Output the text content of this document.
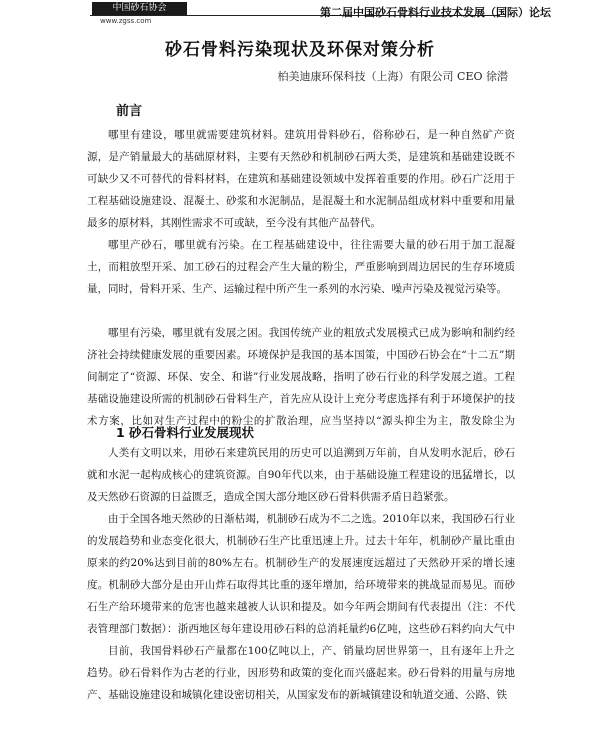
中国砂石协会
www.zgss.com
第二届中国砂石骨料行业技术发展（国际）论坛
砂石骨料污染现状及环保对策分析
柏美迪康环保科技（上海）有限公司 CEO 徐潜
前言

哪里有建设，哪里就需要建筑材料。建筑用骨料砂石，俗称砂石，是一种自然矿产资源，是产销量最大的基础原材料，主要有天然砂和机制砂石两大类，是建筑和基础建设既不可缺少又不可替代的骨料材料，在建筑和基础建设领域中发挥着重要的作用。砂石广泛用于工程基础设施建设、混凝土、砂浆和水泥制品，是混凝土和水泥制品组成材料中重要和用量最多的原材料，其刚性需求不可或缺，至今没有其他产品替代。

哪里产砂石，哪里就有污染。在工程基础建设中，往往需要大量的砂石用于加工混凝土，而粗放型开采、加工砂石的过程会产生大量的粉尘，严重影响到周边居民的生存环境质量，同时，骨料开采、生产、运输过程中所产生一系列的水污染、噪声污染及视觉污染等。

哪里有污染，哪里就有发展之困。我国传统产业的粗放式发展模式已成为影响和制约经济社会持续健康发展的重要因素。环境保护是我国的基本国策，中国砂石协会在“十二五”期间制定了“资源、环保、安全、和谐”行业发展战略，指明了砂石行业的科学发展之道。工程基础设施建设所需的机制砂石骨料生产，首先应从设计上充分考虑选择有利于环境保护的技术方案，比如对生产过程中的粉尘的扩散治理，应当坚持以“源头抑尘为主，散发除尘为

1 砂石骨料行业发展现状

人类有文明以来，用砂石来建筑民用的历史可以追溯到万年前，自从发明水泥后，砂石就和水泥一起构成核心的建筑资源。自90年代以来，由于基础设施工程建设的迅猛增长，以及天然砂石资源的日益匮乏，造成全国大部分地区砂石骨料供需矛盾日趋紧张。

由于全国各地天然砂的日渐枯竭，机制砂石成为不二之选。2010年以来，我国砂石行业的发展趋势和业态变化很大，机制砂石生产比重迅速上升。过去十年年，机制砂产量比重由原来的约20%达到目前的80%左右。机制砂生产的发展速度远超过了天然砂开采的增长速度。机制砂大部分是由开山炸石取得其比重的逐年增加，给环境带来的挑战显而易见。而砂石生产给环境带来的危害也越来越被人认识和提及。如今年两会期间有代表提出（注：不代表管理部门数据）：浙西地区每年建设用砂石料的总消耗量约6亿吨，这些砂石料约向大气中

目前，我国骨料砂石产量都在100亿吨以上，产、销量均居世界第一，且有逐年上升之趋势。砂石骨料作为古老的行业，因形势和政策的变化而兴盛起来。砂石骨料的用量与房地产、基础设施建设和城镇化建设密切相关，从国家发布的新城镇建设和轨道交通、公路、铁
